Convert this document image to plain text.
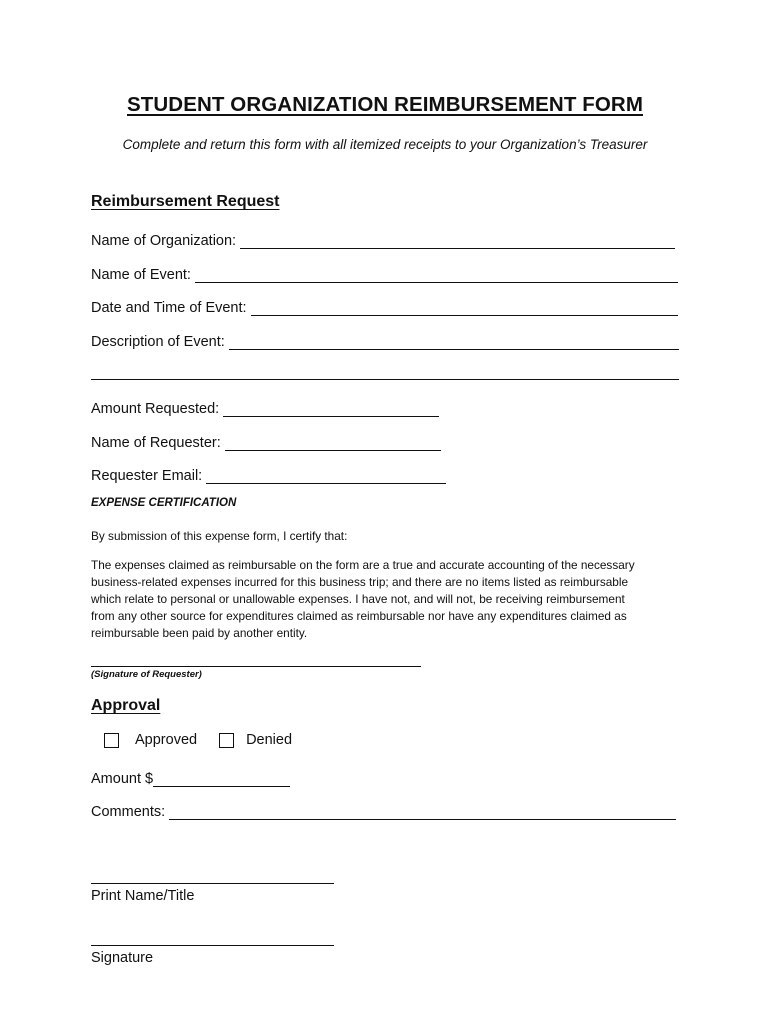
STUDENT ORGANIZATION REIMBURSEMENT FORM
Complete and return this form with all itemized receipts to your Organization’s Treasurer
Reimbursement Request
Name of Organization:
Name of Event:
Date and Time of Event:
Description of Event:
Amount Requested:
Name of Requester:
Requester Email:
EXPENSE CERTIFICATION
By submission of this expense form, I certify that:
The expenses claimed as reimbursable on the form are a true and accurate accounting of the necessary
business-related expenses incurred for this business trip; and there are no items listed as reimbursable
which relate to personal or unallowable expenses. I have not, and will not, be receiving reimbursement
from any other source for expenditures claimed as reimbursable nor have any expenditures claimed as
reimbursable been paid by another entity.
(Signature of Requester)
Approval
Approved	Denied
Amount $
Comments:
Print Name/Title
Signature
